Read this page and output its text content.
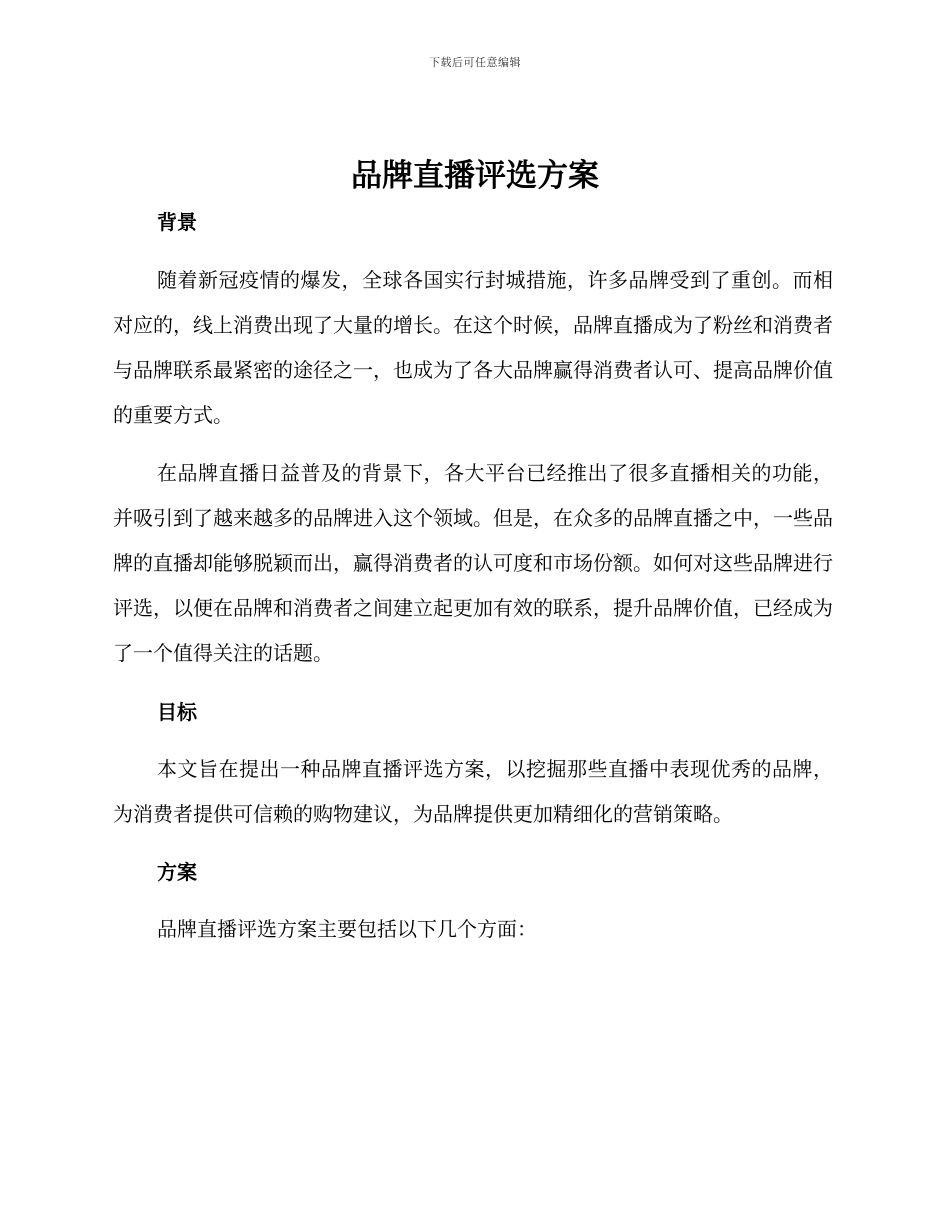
下载后可任意编辑
品牌直播评选方案
背景

随着新冠疫情的爆发，全球各国实行封城措施，许多品牌受到了重创。而相对应的，线上消费出现了大量的增长。在这个时候，品牌直播成为了粉丝和消费者与品牌联系最紧密的途径之一，也成为了各大品牌赢得消费者认可、提高品牌价值的重要方式。

在品牌直播日益普及的背景下，各大平台已经推出了很多直播相关的功能，并吸引到了越来越多的品牌进入这个领域。但是，在众多的品牌直播之中，一些品牌的直播却能够脱颖而出，赢得消费者的认可度和市场份额。如何对这些品牌进行评选，以便在品牌和消费者之间建立起更加有效的联系，提升品牌价值，已经成为了一个值得关注的话题。

目标

本文旨在提出一种品牌直播评选方案，以挖掘那些直播中表现优秀的品牌，为消费者提供可信赖的购物建议，为品牌提供更加精细化的营销策略。

方案

品牌直播评选方案主要包括以下几个方面：
